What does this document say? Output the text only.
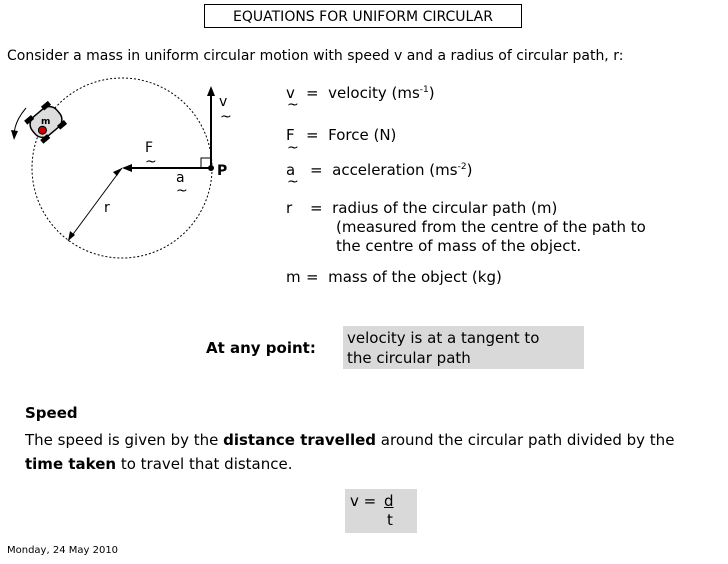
EQUATIONS FOR UNIFORM CIRCULAR
Consider a mass in uniform circular motion with speed v and a radius of circular path, r:
m
v
~
F
~
a
~
r
P
v
~
= velocity $(ms^{-1})$
F
~
= Force (N)
a
~
= acceleration $(ms^{-2})$
r = radius of the circular path (m)
(measured from the centre of the path to
the centre of mass of the object.
m = mass of the object (kg)
At any point:
velocity is at a tangent to
the circular path
Speed
The speed is given by the distance travelled around the circular path divided by the time taken to travel that distance.
v = d
t
Monday, 24 May 2010
